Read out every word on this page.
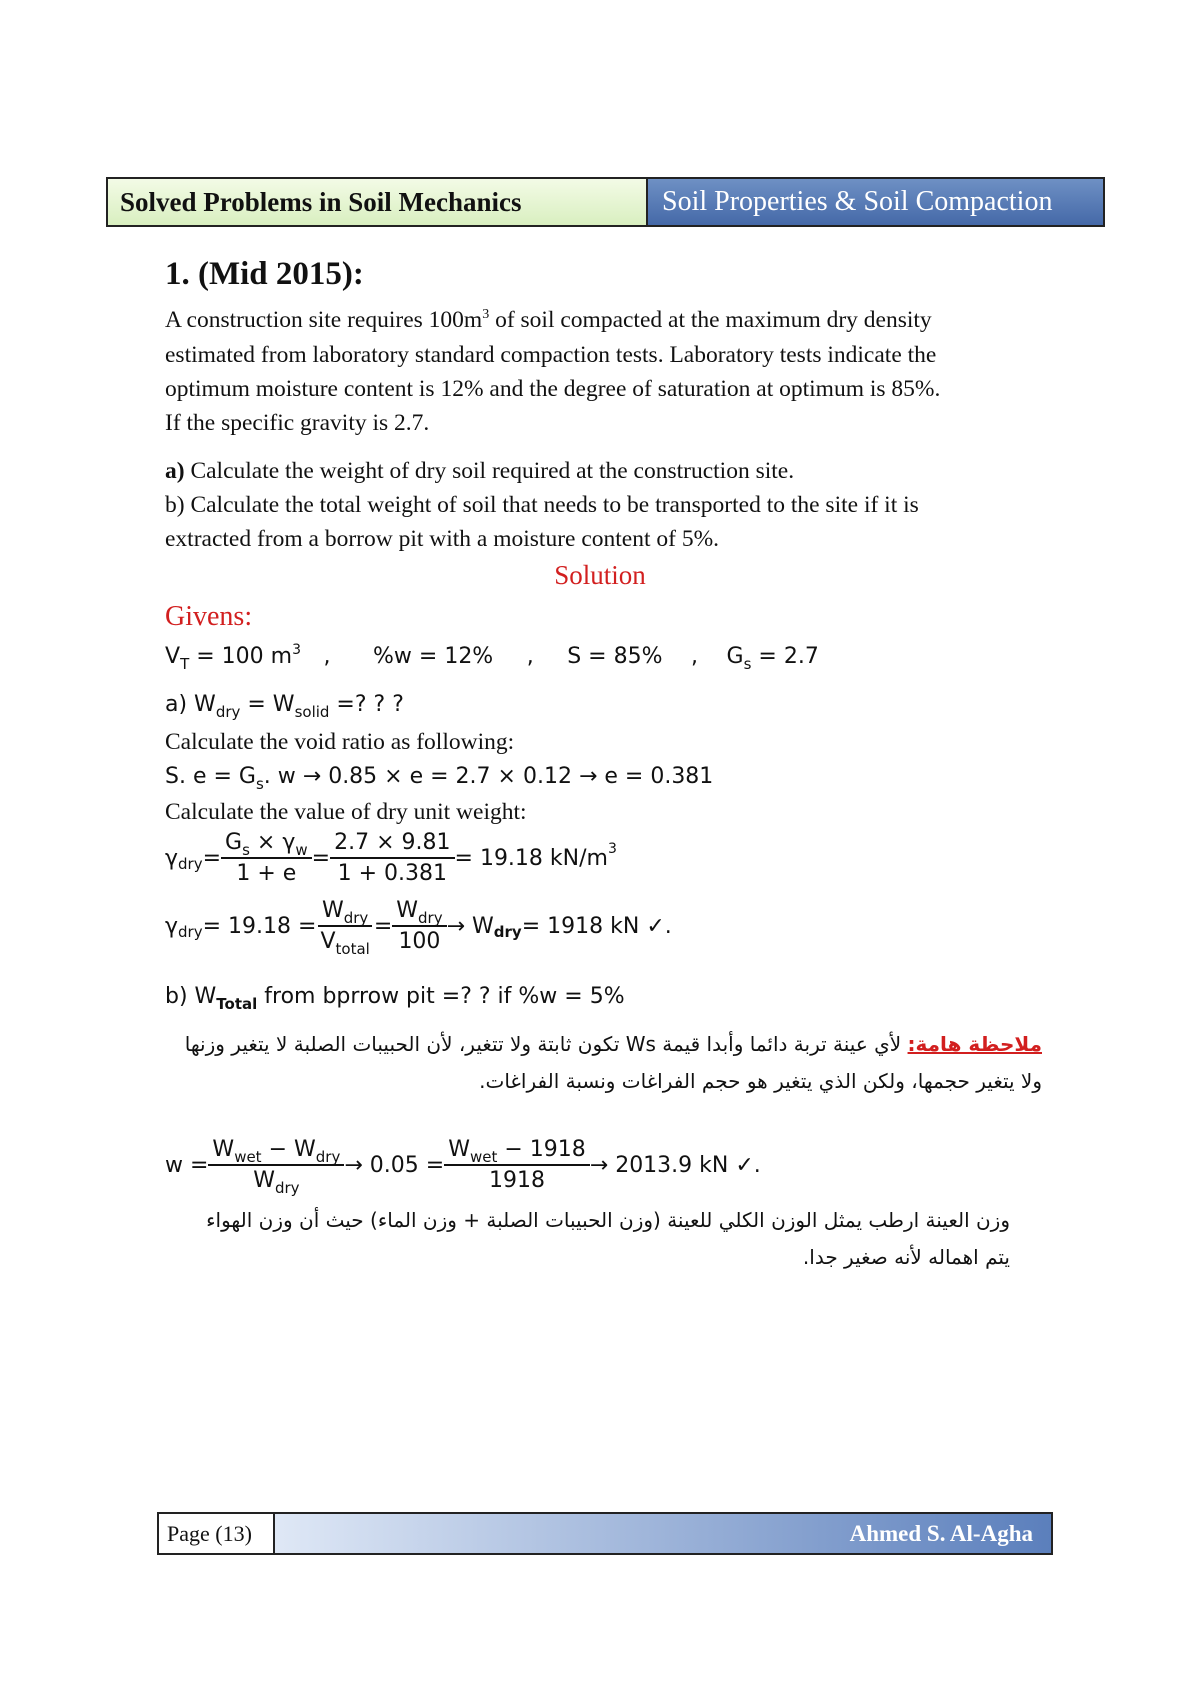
Solved Problems in Soil Mechanics	Soil Properties & Soil Compaction
1. (Mid 2015):
A construction site requires $100m^3$ of soil compacted at the maximum dry density
estimated from laboratory standard compaction tests. Laboratory tests indicate the
optimum moisture content is 12% and the degree of saturation at optimum is 85%.
If the specific gravity is 2.7.
a) Calculate the weight of dry soil required at the construction site.
b) Calculate the total weight of soil that needs to be transported to the site if it is
extracted from a borrow pit with a moisture content of 5%.
Solution
Givens:
$V_T = 100$ $m^3$ , %w = 12% , S = 85% , $G_s = 2.7$
a) $W_{dry} = W_{solid}$ =? ? ?
Calculate the void ratio as following:
S. $e = G_s$. w → 0.85 × e = 2.7 × 0.12 → e = 0.381
Calculate the value of dry unit weight:
γ dry = $\frac{G_s \times \gamma_w}{1 + e} = \frac{2.7 \times 9.81}{1 + 0.381} = 19.18$ kN/m 3
γ dry = $19.18 = \frac{W_{dry}}{V_{total}} = \frac{W_{dry}}{100} \to W$ dry = 1918 kN ✓.
b) $W_{Total}$ from bprrow pit =? ? if %w = 5%
ملاحظة هامة: لأي عينة تربة دائما وأبدا قيمة Ws تكون ثابتة ولا تتغير، لأن الحبيبات الصلبة لا يتغير وزنها
ولا يتغير حجمها، ولكن الذي يتغير هو حجم الفراغات ونسبة الفراغات.
$w = \frac{W_{wet} - W_{dry}}{W_{dry}} \to 0.05 = \frac{W_{wet} - 1918}{1918} \to 2013.9$ kN ✓.
وزن العينة ارطب يمثل الوزن الكلي للعينة (وزن الحبيبات الصلبة + وزن الماء) حيث أن وزن الهواء
يتم اهماله لأنه صغير جدا.
Page (13)	Ahmed S. Al-Agha
